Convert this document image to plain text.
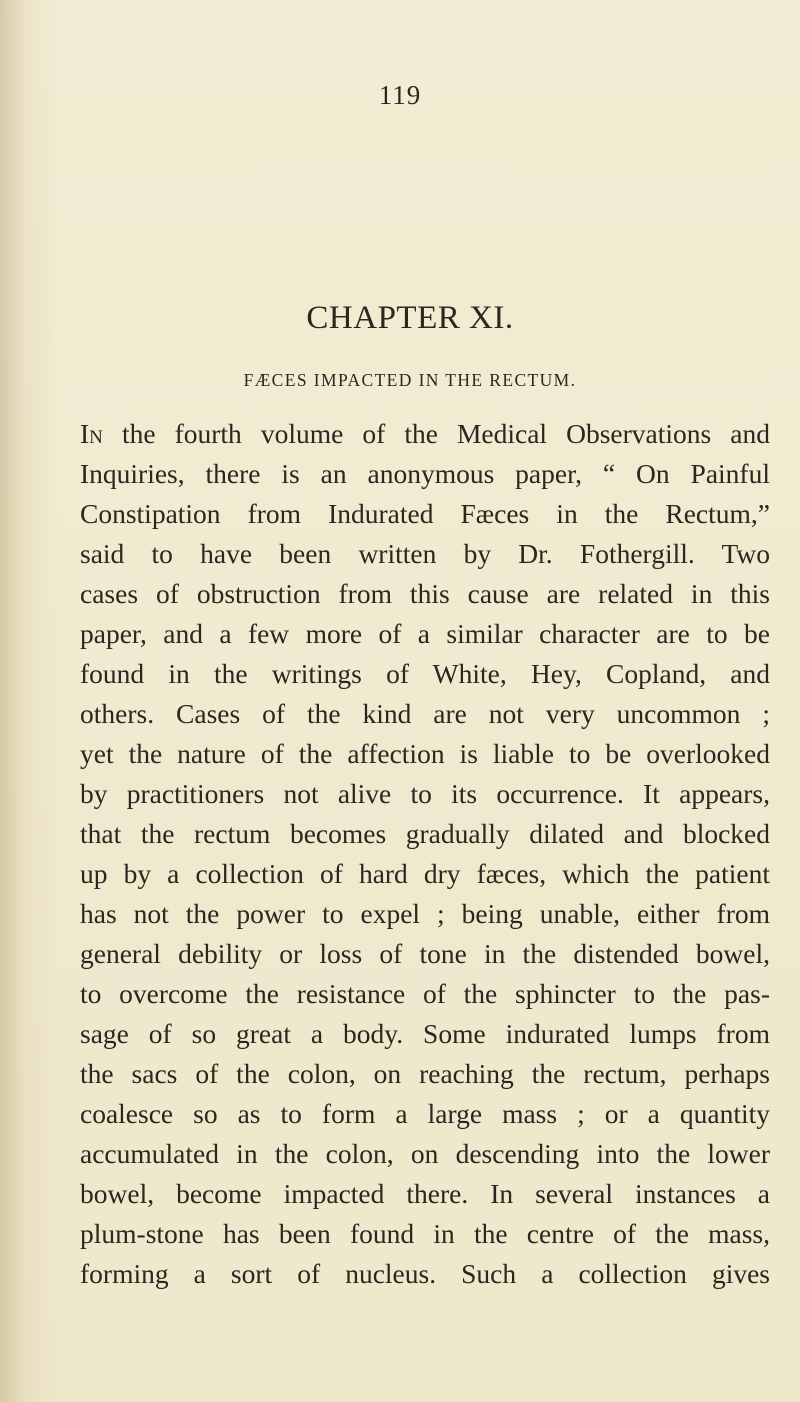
119
CHAPTER XI.
FÆCES IMPACTED IN THE RECTUM.
In the fourth volume of the Medical Observations and
Inquiries, there is an anonymous paper, “ On Painful
Constipation from Indurated Fæces in the Rectum,”
said to have been written by Dr. Fothergill. Two
cases of obstruction from this cause are related in this
paper, and a few more of a similar character are to be
found in the writings of White, Hey, Copland, and
others. Cases of the kind are not very uncommon ;
yet the nature of the affection is liable to be overlooked
by practitioners not alive to its occurrence. It appears,
that the rectum becomes gradually dilated and blocked
up by a collection of hard dry fæces, which the patient
has not the power to expel ; being unable, either from
general debility or loss of tone in the distended bowel,
to overcome the resistance of the sphincter to the pas-
sage of so great a body. Some indurated lumps from
the sacs of the colon, on reaching the rectum, perhaps
coalesce so as to form a large mass ; or a quantity
accumulated in the colon, on descending into the lower
bowel, become impacted there. In several instances a
plum-stone has been found in the centre of the mass,
forming a sort of nucleus. Such a collection gives
